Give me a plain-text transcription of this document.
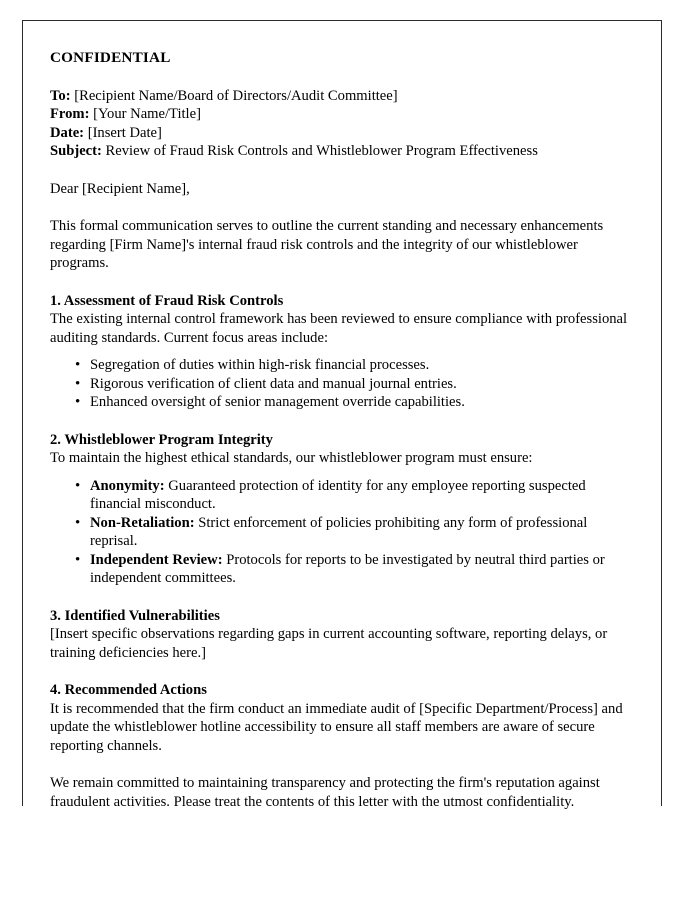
CONFIDENTIAL
To: [Recipient Name/Board of Directors/Audit Committee]
From: [Your Name/Title]
Date: [Insert Date]
Subject: Review of Fraud Risk Controls and Whistleblower Program Effectiveness
Dear [Recipient Name],

This formal communication serves to outline the current standing and necessary enhancements regarding [Firm Name]'s internal fraud risk controls and the integrity of our whistleblower programs.

1. Assessment of Fraud Risk Controls
The existing internal control framework has been reviewed to ensure compliance with professional auditing standards. Current focus areas include:
• Segregation of duties within high-risk financial processes.
• Rigorous verification of client data and manual journal entries.
• Enhanced oversight of senior management override capabilities.
2. Whistleblower Program Integrity
To maintain the highest ethical standards, our whistleblower program must ensure:
• Anonymity: Guaranteed protection of identity for any employee reporting suspected financial misconduct.
• Non-Retaliation: Strict enforcement of policies prohibiting any form of professional reprisal.
• Independent Review: Protocols for reports to be investigated by neutral third parties or independent committees.
3. Identified Vulnerabilities
[Insert specific observations regarding gaps in current accounting software, reporting delays, or training deficiencies here.]
4. Recommended Actions
It is recommended that the firm conduct an immediate audit of [Specific Department/Process] and update the whistleblower hotline accessibility to ensure all staff members are aware of secure reporting channels.

We remain committed to maintaining transparency and protecting the firm's reputation against fraudulent activities. Please treat the contents of this letter with the utmost confidentiality.
